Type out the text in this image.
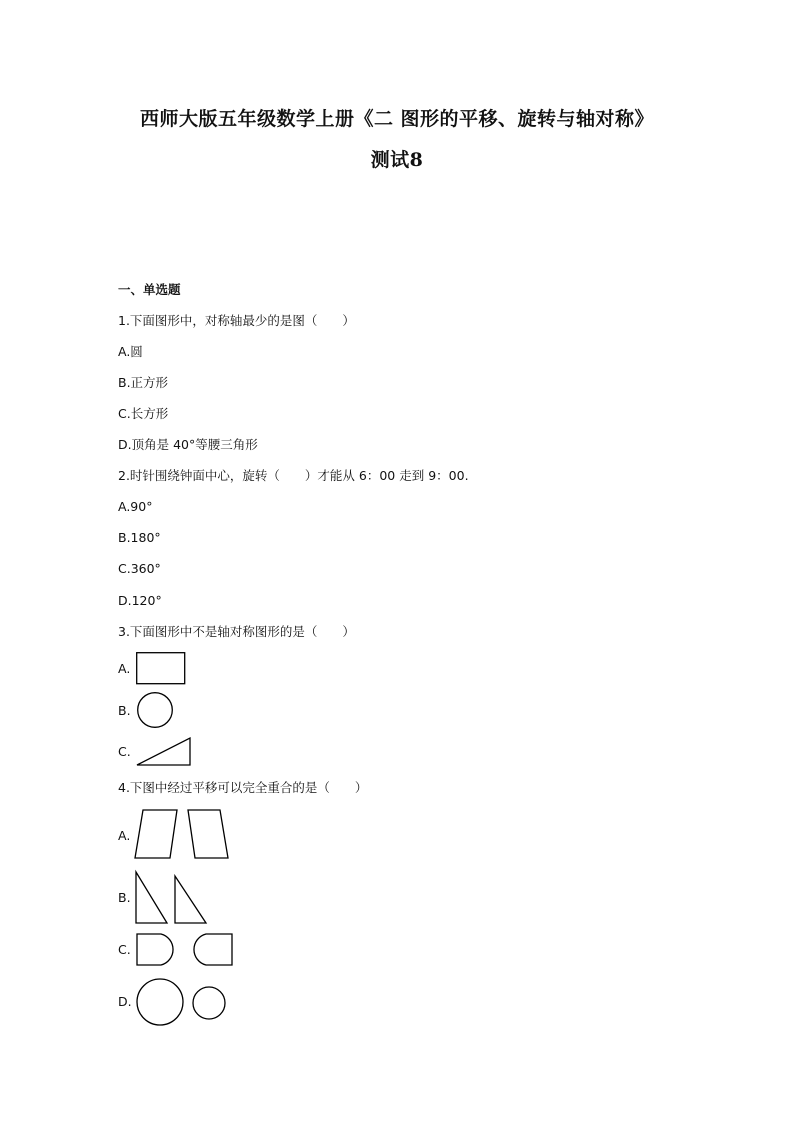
西师大版五年级数学上册《二 图形的平移、旋转与轴对称》
测试8
一、单选题
1.下面图形中，对称轴最少的是图（　　）
A.圆
B.正方形
C.长方形
D.顶角是 40°等腰三角形
2.时针围绕钟面中心，旋转（　　）才能从 6：00 走到 9：00.
A.90°
B.180°
C.360°
D.120°
3.下面图形中不是轴对称图形的是（　　）
A.
B.
C.
4.下图中经过平移可以完全重合的是（　　）
A.
B.
C.
D.
